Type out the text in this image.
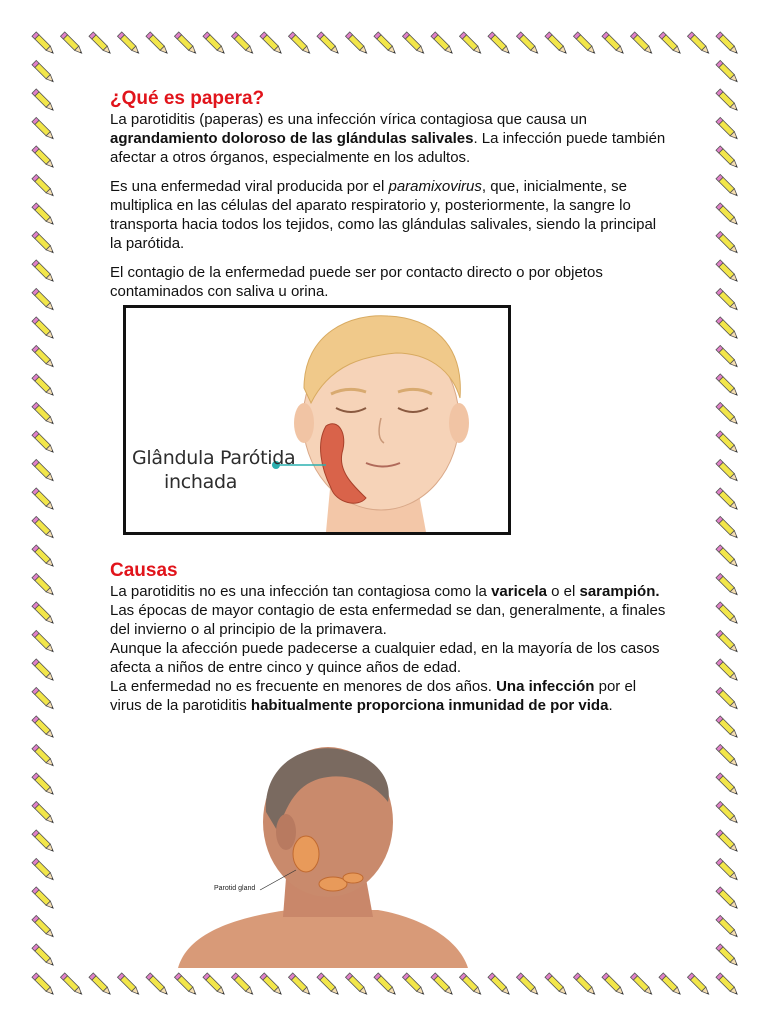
¿Qué es papera?

La parotiditis (paperas) es una infección vírica contagiosa que causa un agrandamiento doloroso de las glándulas salivales. La infección puede también afectar a otros órganos, especialmente en los adultos.

Es una enfermedad viral producida por el paramixovirus, que, inicialmente, se multiplica en las células del aparato respiratorio y, posteriormente, la sangre lo transporta hacia todos los tejidos, como las glándulas salivales, siendo la principal la parótida.

El contagio de la enfermedad puede ser por contacto directo o por objetos contaminados con saliva u orina.

Glândula Parótida
inchada
Causas

La parotiditis no es una infección tan contagiosa como la varicela o el sarampión. Las épocas de mayor contagio de esta enfermedad se dan, generalmente, a finales del invierno o al principio de la primavera.
Aunque la afección puede padecerse a cualquier edad, en la mayoría de los casos afecta a niños de entre cinco y quince años de edad.
La enfermedad no es frecuente en menores de dos años. Una infección por el virus de la parotiditis habitualmente proporciona inmunidad de por vida.

Parotid gland
